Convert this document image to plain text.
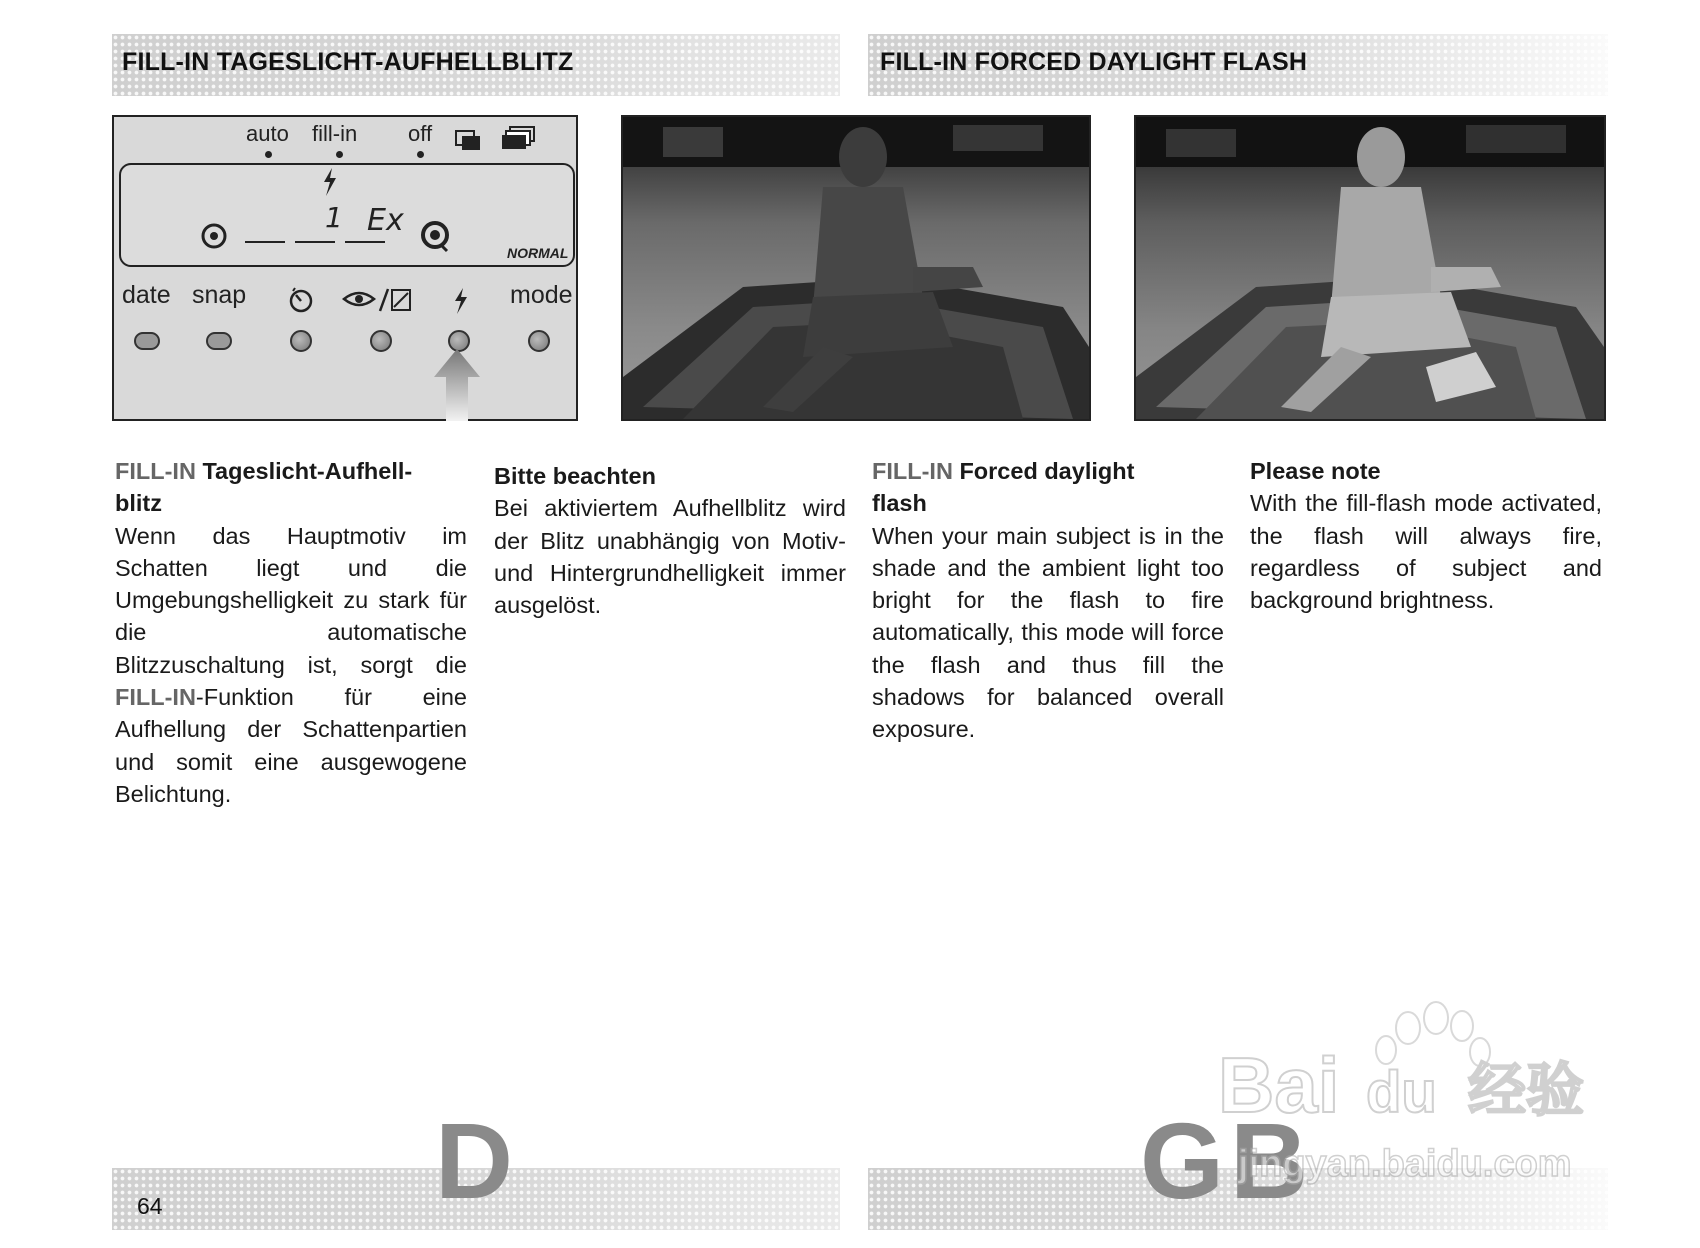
FILL-IN TAGESLICHT-AUFHELLBLITZ	FILL-IN FORCED DAYLIGHT FLASH
auto fill-in off
1 Ex
NORMAL
date snap	mode
FILL-IN Tageslicht-Aufhell-
blitz
Wenn das Hauptmotiv im Schatten liegt und die Umgebungshelligkeit zu stark für die automatische Blitzzuschaltung ist, sorgt die FILL-IN-Funktion für eine Aufhellung der Schattenpartien und somit eine ausgewogene Belichtung.
Bitte beachten
Bei aktiviertem Aufhellblitz wird der Blitz unabhängig von Motiv- und Hintergrundhelligkeit immer ausgelöst.
FILL-IN Forced daylight
flash
When your main subject is in the shade and the ambient light too bright for the flash to fire automatically, this mode will force the flash and thus fill the shadows for balanced overall exposure.
Please note
With the fill-flash mode activated, the flash will always fire, regardless of subject and background brightness.
64	D	GB
Bai du 经验
jingyan.baidu.com
